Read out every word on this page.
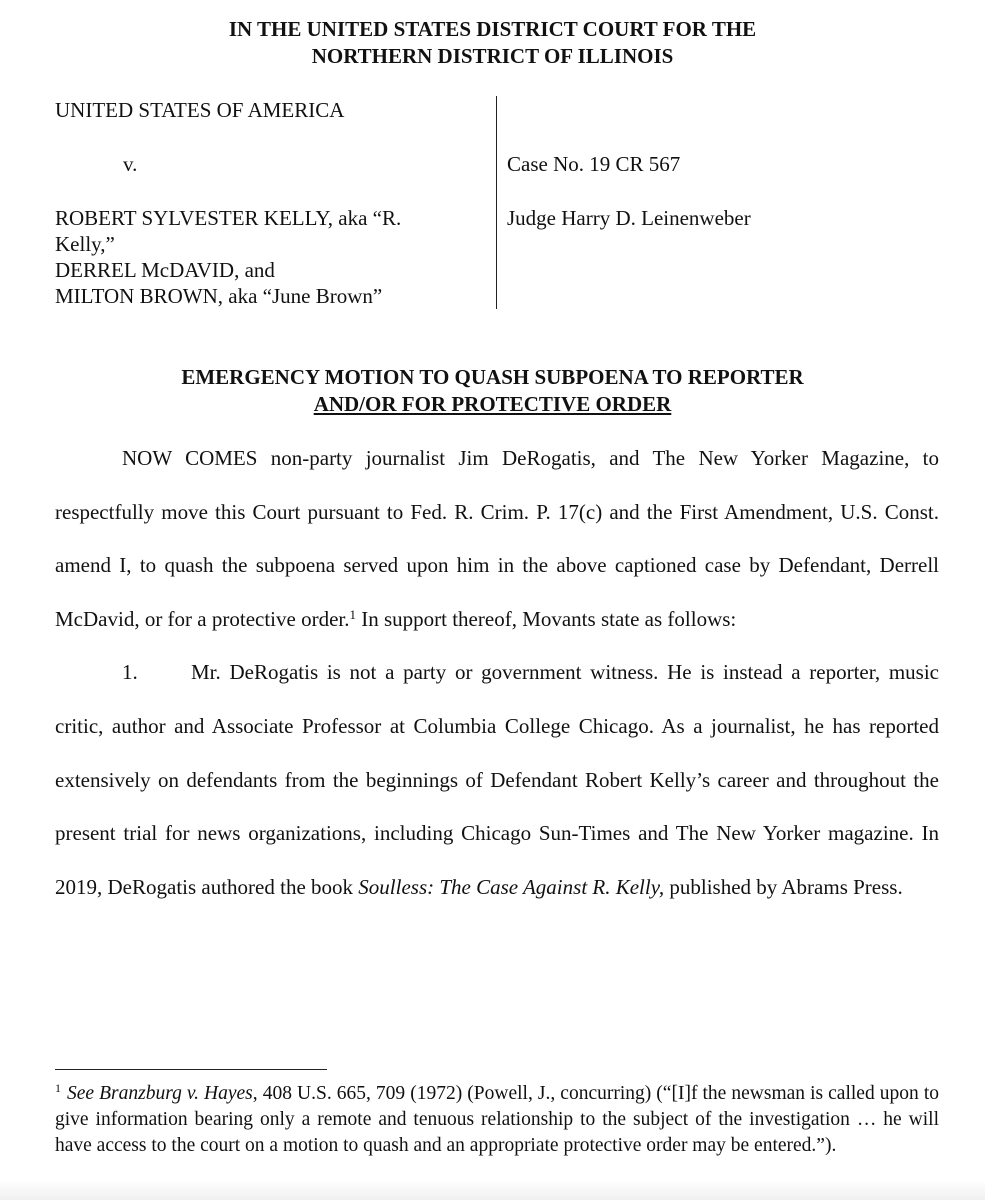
IN THE UNITED STATES DISTRICT COURT FOR THE
NORTHERN DISTRICT OF ILLINOIS
UNITED STATES OF AMERICA
v.
ROBERT SYLVESTER KELLY, aka “R.
Kelly,”
DERREL McDAVID, and
MILTON BROWN, aka “June Brown”
Case No. 19 CR 567
Judge Harry D. Leinenweber
EMERGENCY MOTION TO QUASH SUBPOENA TO REPORTER
AND/OR FOR PROTECTIVE ORDER

NOW COMES non-party journalist Jim DeRogatis, and The New Yorker Magazine, to respectfully move this Court pursuant to Fed. R. Crim. P. 17(c) and the First Amendment, U.S. Const. amend I, to quash the subpoena served upon him in the above captioned case by Defendant, Derrell McDavid, or for a protective order.$^1$ In support thereof, Movants state as follows:

1.	Mr. DeRogatis is not a party or government witness. He is instead a reporter, music critic, author and Associate Professor at Columbia College Chicago. As a journalist, he has reported extensively on defendants from the beginnings of Defendant Robert Kelly’s career and throughout the present trial for news organizations, including Chicago Sun-Times and The New Yorker magazine. In 2019, DeRogatis authored the book Soulless: The Case Against R. Kelly, published by Abrams Press.

$^1$ See Branzburg v. Hayes, 408 U.S. 665, 709 (1972) (Powell, J., concurring) (“[I]f the newsman is called upon to give information bearing only a remote and tenuous relationship to the subject of the investigation … he will have access to the court on a motion to quash and an appropriate protective order may be entered.”).
